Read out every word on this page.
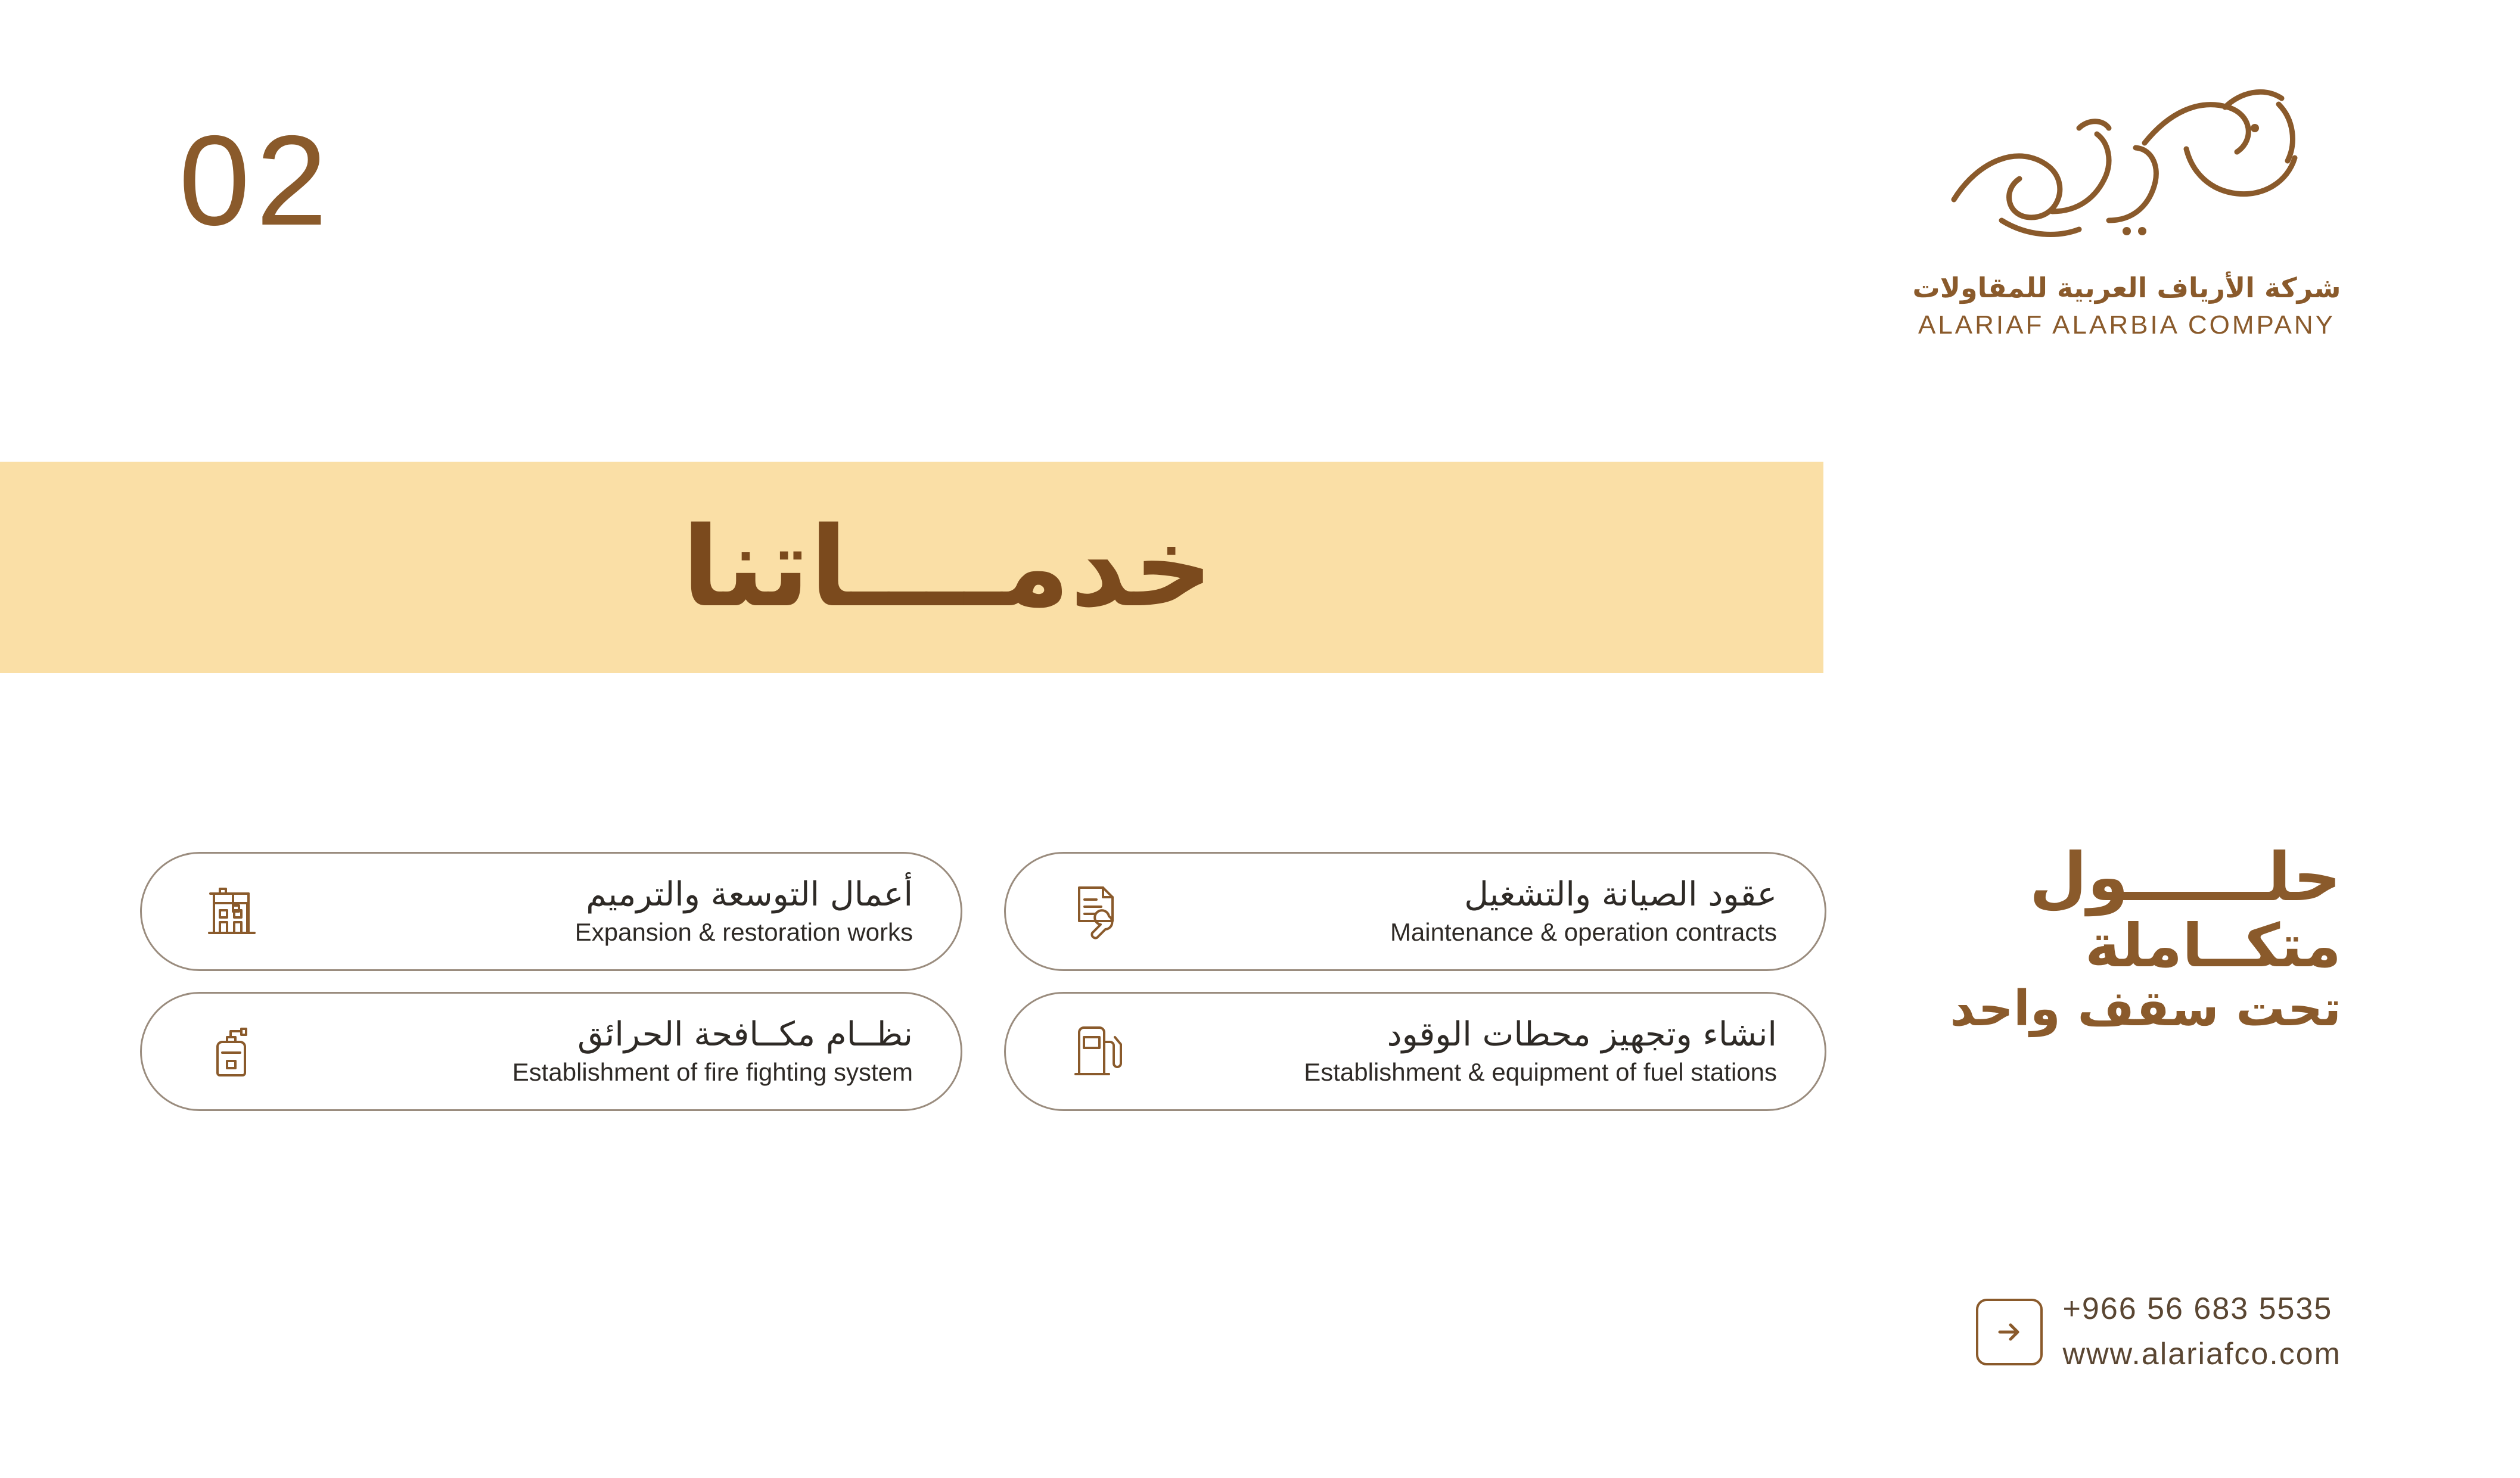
02
شركة الأرياف العربية للمقاولات
ALARIAF ALARBIA COMPANY
خدمــــاتنا
حلــــــول
متكــاملة
تحت سقف واحد
عقود الصيانة والتشغيل
Maintenance & operation contracts
أعمال التوسعة والترميم
Expansion & restoration works
انشاء وتجهيز محطات الوقود
Establishment & equipment of fuel stations
نظــام مكــافحة الحرائق
Establishment of fire fighting system
+966 56 683 5535
www.alariafco.com
